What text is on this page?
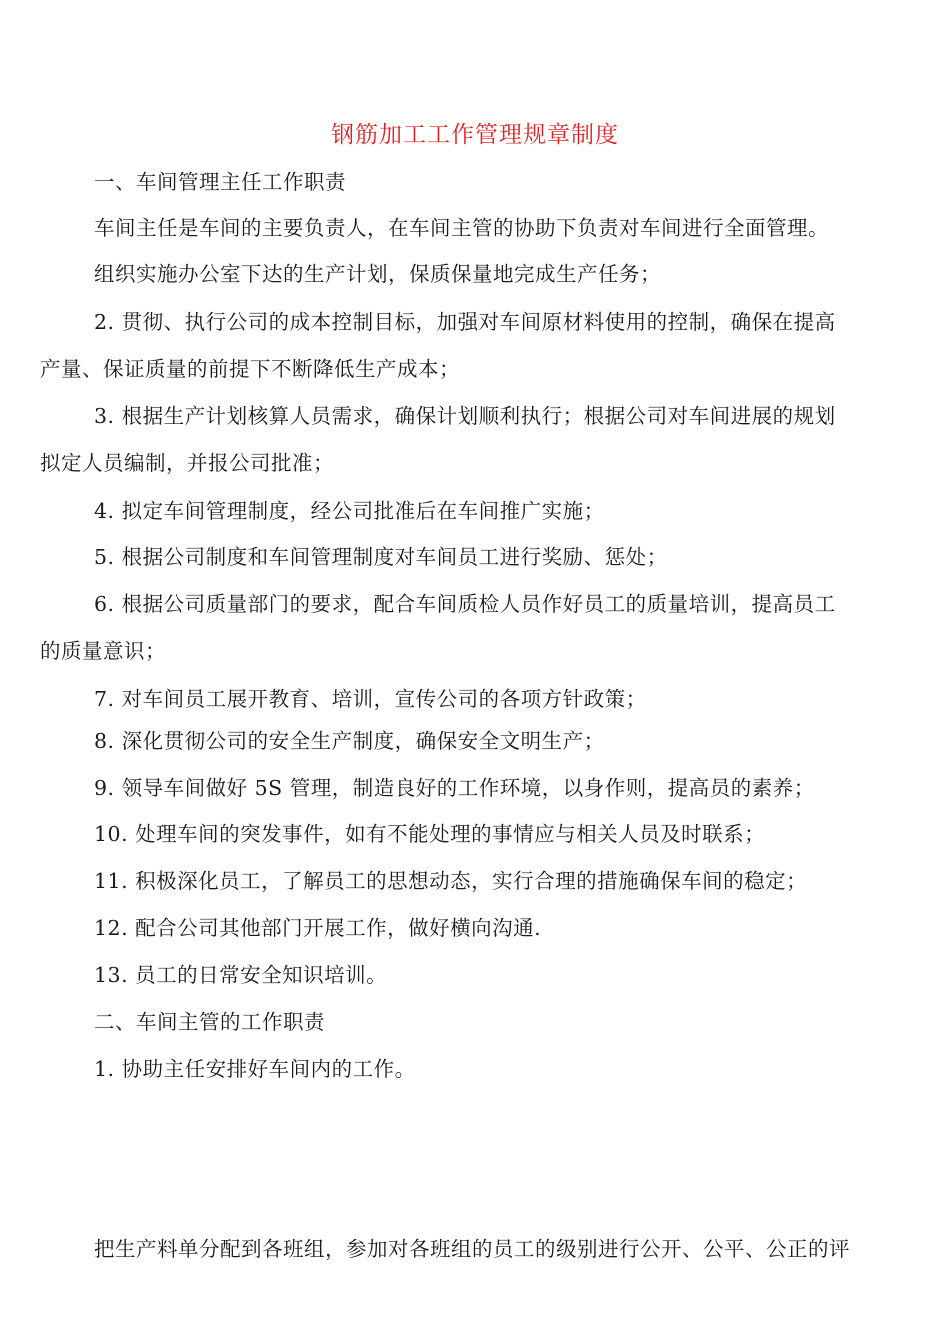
钢筋加工工作管理规章制度
一、车间管理主任工作职责
车间主任是车间的主要负责人，在车间主管的协助下负责对车间进行全面管理。
组织实施办公室下达的生产计划，保质保量地完成生产任务；
2. 贯彻、执行公司的成本控制目标，加强对车间原材料使用的控制，确保在提高
产量、保证质量的前提下不断降低生产成本；
3. 根据生产计划核算人员需求，确保计划顺利执行；根据公司对车间进展的规划
拟定人员编制，并报公司批准；
4. 拟定车间管理制度，经公司批准后在车间推广实施；
5. 根据公司制度和车间管理制度对车间员工进行奖励、惩处；
6. 根据公司质量部门的要求，配合车间质检人员作好员工的质量培训，提高员工
的质量意识；
7. 对车间员工展开教育、培训，宣传公司的各项方针政策；
8. 深化贯彻公司的安全生产制度，确保安全文明生产；
9. 领导车间做好 5S 管理，制造良好的工作环境，以身作则，提高员的素养；
10. 处理车间的突发事件，如有不能处理的事情应与相关人员及时联系；
11. 积极深化员工，了解员工的思想动态，实行合理的措施确保车间的稳定；
12. 配合公司其他部门开展工作，做好横向沟通.
13. 员工的日常安全知识培训。
二、车间主管的工作职责
1. 协助主任安排好车间内的工作。
把生产料单分配到各班组，参加对各班组的员工的级别进行公开、公平、公正的评
